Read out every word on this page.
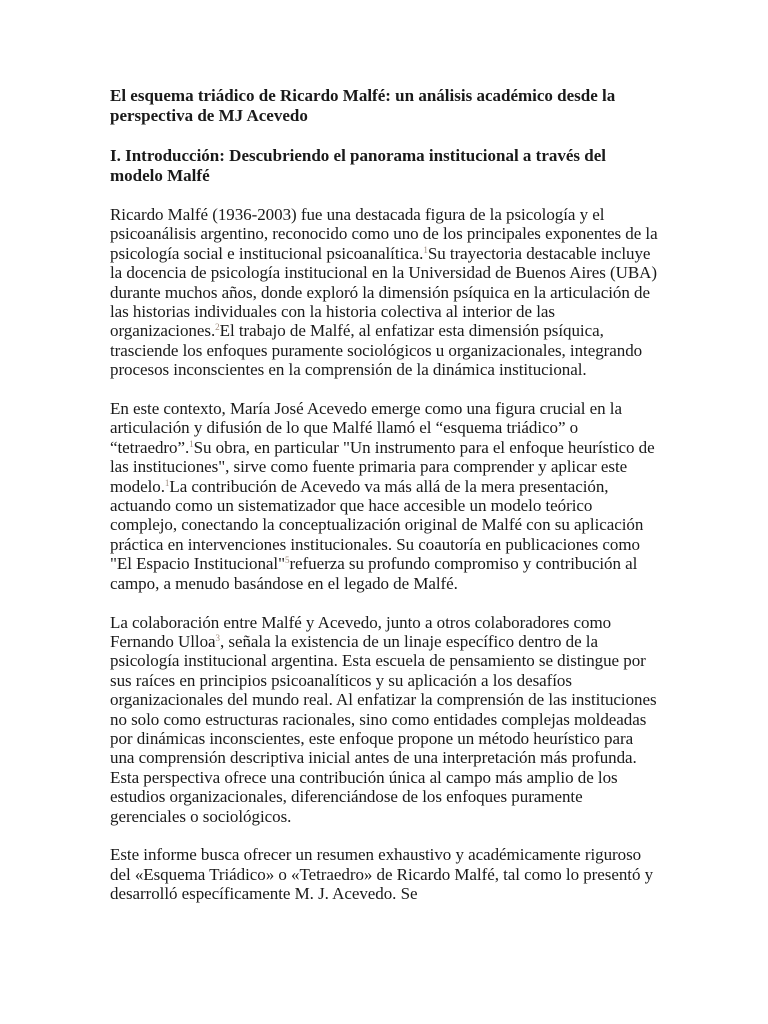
El esquema triádico de Ricardo Malfé: un análisis académico desde la perspectiva de MJ Acevedo
I. Introducción: Descubriendo el panorama institucional a través del modelo Malfé
Ricardo Malfé (1936-2003) fue una destacada figura de la psicología y el psicoanálisis argentino, reconocido como uno de los principales exponentes de la psicología social e institucional psicoanalítica.$^1$Su trayectoria destacable incluye la docencia de psicología institucional en la Universidad de Buenos Aires (UBA) durante muchos años, donde exploró la dimensión psíquica en la articulación de las historias individuales con la historia colectiva al interior de las organizaciones.$^2$El trabajo de Malfé, al enfatizar esta dimensión psíquica, trasciende los enfoques puramente sociológicos u organizacionales, integrando procesos inconscientes en la comprensión de la dinámica institucional.
En este contexto, María José Acevedo emerge como una figura crucial en la articulación y difusión de lo que Malfé llamó el “esquema triádico” o “tetraedro”.$^1$Su obra, en particular "Un instrumento para el enfoque heurístico de las instituciones", sirve como fuente primaria para comprender y aplicar este modelo.$^1$La contribución de Acevedo va más allá de la mera presentación, actuando como un sistematizador que hace accesible un modelo teórico complejo, conectando la conceptualización original de Malfé con su aplicación práctica en intervenciones institucionales. Su coautoría en publicaciones como "El Espacio Institucional"$^5$refuerza su profundo compromiso y contribución al campo, a menudo basándose en el legado de Malfé.
La colaboración entre Malfé y Acevedo, junto a otros colaboradores como Fernando Ulloa$^3$, señala la existencia de un linaje específico dentro de la psicología institucional argentina. Esta escuela de pensamiento se distingue por sus raíces en principios psicoanalíticos y su aplicación a los desafíos organizacionales del mundo real. Al enfatizar la comprensión de las instituciones no solo como estructuras racionales, sino como entidades complejas moldeadas por dinámicas inconscientes, este enfoque propone un método heurístico para una comprensión descriptiva inicial antes de una interpretación más profunda. Esta perspectiva ofrece una contribución única al campo más amplio de los estudios organizacionales, diferenciándose de los enfoques puramente gerenciales o sociológicos.
Este informe busca ofrecer un resumen exhaustivo y académicamente riguroso del «Esquema Triádico» o «Tetraedro» de Ricardo Malfé, tal como lo presentó y desarrolló específicamente M. J. Acevedo. Se
